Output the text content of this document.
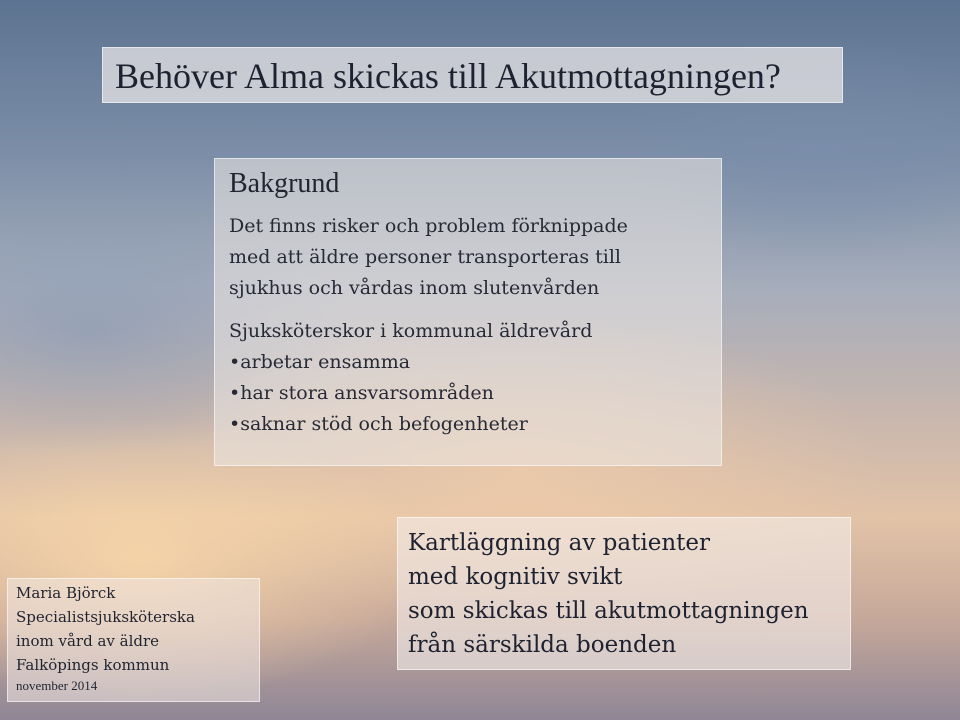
Behöver Alma skickas till Akutmottagningen?
Bakgrund
Det finns risker och problem förknippade
med att äldre personer transporteras till
sjukhus och vårdas inom slutenvården
Sjuksköterskor i kommunal äldrevård
• arbetar ensamma
• har stora ansvarsområden
• saknar stöd och befogenheter
Maria Björck
Specialistsjuksköterska
inom vård av äldre
Falköpings kommun
november 2014
Kartläggning av patienter
med kognitiv svikt
som skickas till akutmottagningen
från särskilda boenden
